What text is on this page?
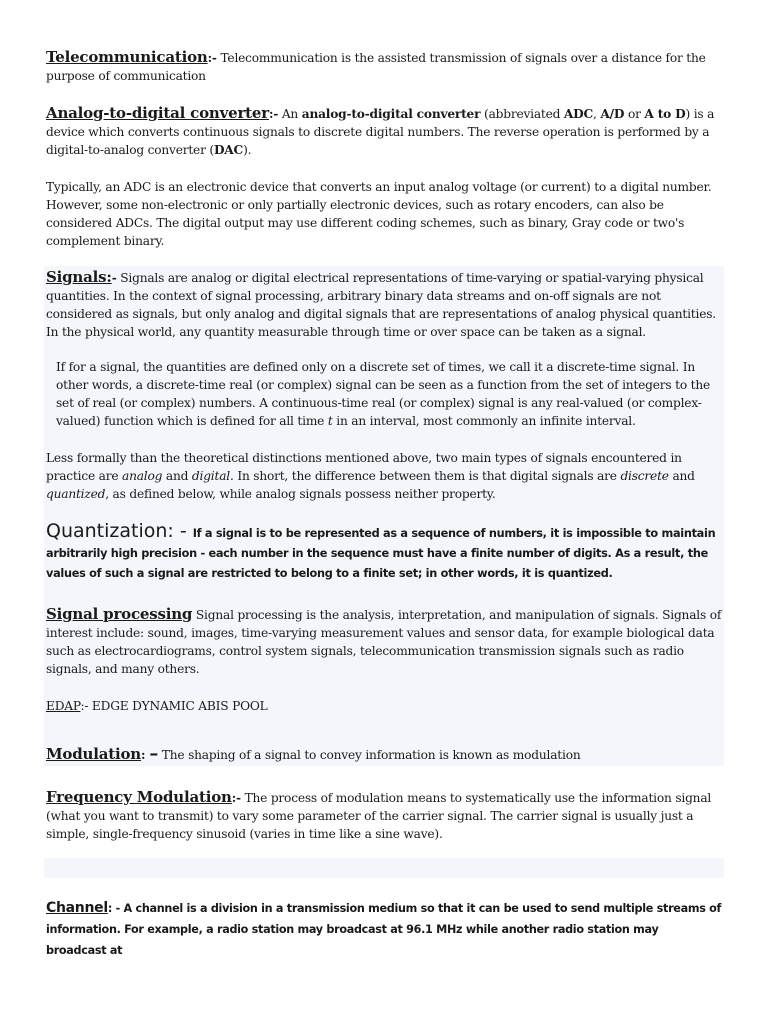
Telecommunication:- Telecommunication is the assisted transmission of signals over a distance for the purpose of communication
Analog-to-digital converter:- An analog-to-digital converter (abbreviated ADC, A/D or A to D) is a device which converts continuous signals to discrete digital numbers. The reverse operation is performed by a digital-to-analog converter (DAC).
Typically, an ADC is an electronic device that converts an input analog voltage (or current) to a digital number. However, some non-electronic or only partially electronic devices, such as rotary encoders, can also be considered ADCs. The digital output may use different coding schemes, such as binary, Gray code or two's complement binary.
Signals:- Signals are analog or digital electrical representations of time-varying or spatial-varying physical quantities. In the context of signal processing, arbitrary binary data streams and on-off signals are not considered as signals, but only analog and digital signals that are representations of analog physical quantities. In the physical world, any quantity measurable through time or over space can be taken as a signal.
If for a signal, the quantities are defined only on a discrete set of times, we call it a discrete-time signal. In other words, a discrete-time real (or complex) signal can be seen as a function from the set of integers to the set of real (or complex) numbers. A continuous-time real (or complex) signal is any real-valued (or complex-valued) function which is defined for all time t in an interval, most commonly an infinite interval.
Less formally than the theoretical distinctions mentioned above, two main types of signals encountered in practice are analog and digital. In short, the difference between them is that digital signals are discrete and quantized, as defined below, while analog signals possess neither property.
Quantization: - If a signal is to be represented as a sequence of numbers, it is impossible to maintain arbitrarily high precision - each number in the sequence must have a finite number of digits. As a result, the values of such a signal are restricted to belong to a finite set; in other words, it is quantized.
Signal processing Signal processing is the analysis, interpretation, and manipulation of signals. Signals of interest include: sound, images, time-varying measurement values and sensor data, for example biological data such as electrocardiograms, control system signals, telecommunication transmission signals such as radio signals, and many others.
EDAP:- EDGE DYNAMIC ABIS POOL
Modulation: – The shaping of a signal to convey information is known as modulation
Frequency Modulation:- The process of modulation means to systematically use the information signal (what you want to transmit) to vary some parameter of the carrier signal. The carrier signal is usually just a simple, single-frequency sinusoid (varies in time like a sine wave).
Channel: - A channel is a division in a transmission medium so that it can be used to send multiple streams of information. For example, a radio station may broadcast at 96.1 MHz while another radio station may broadcast at
